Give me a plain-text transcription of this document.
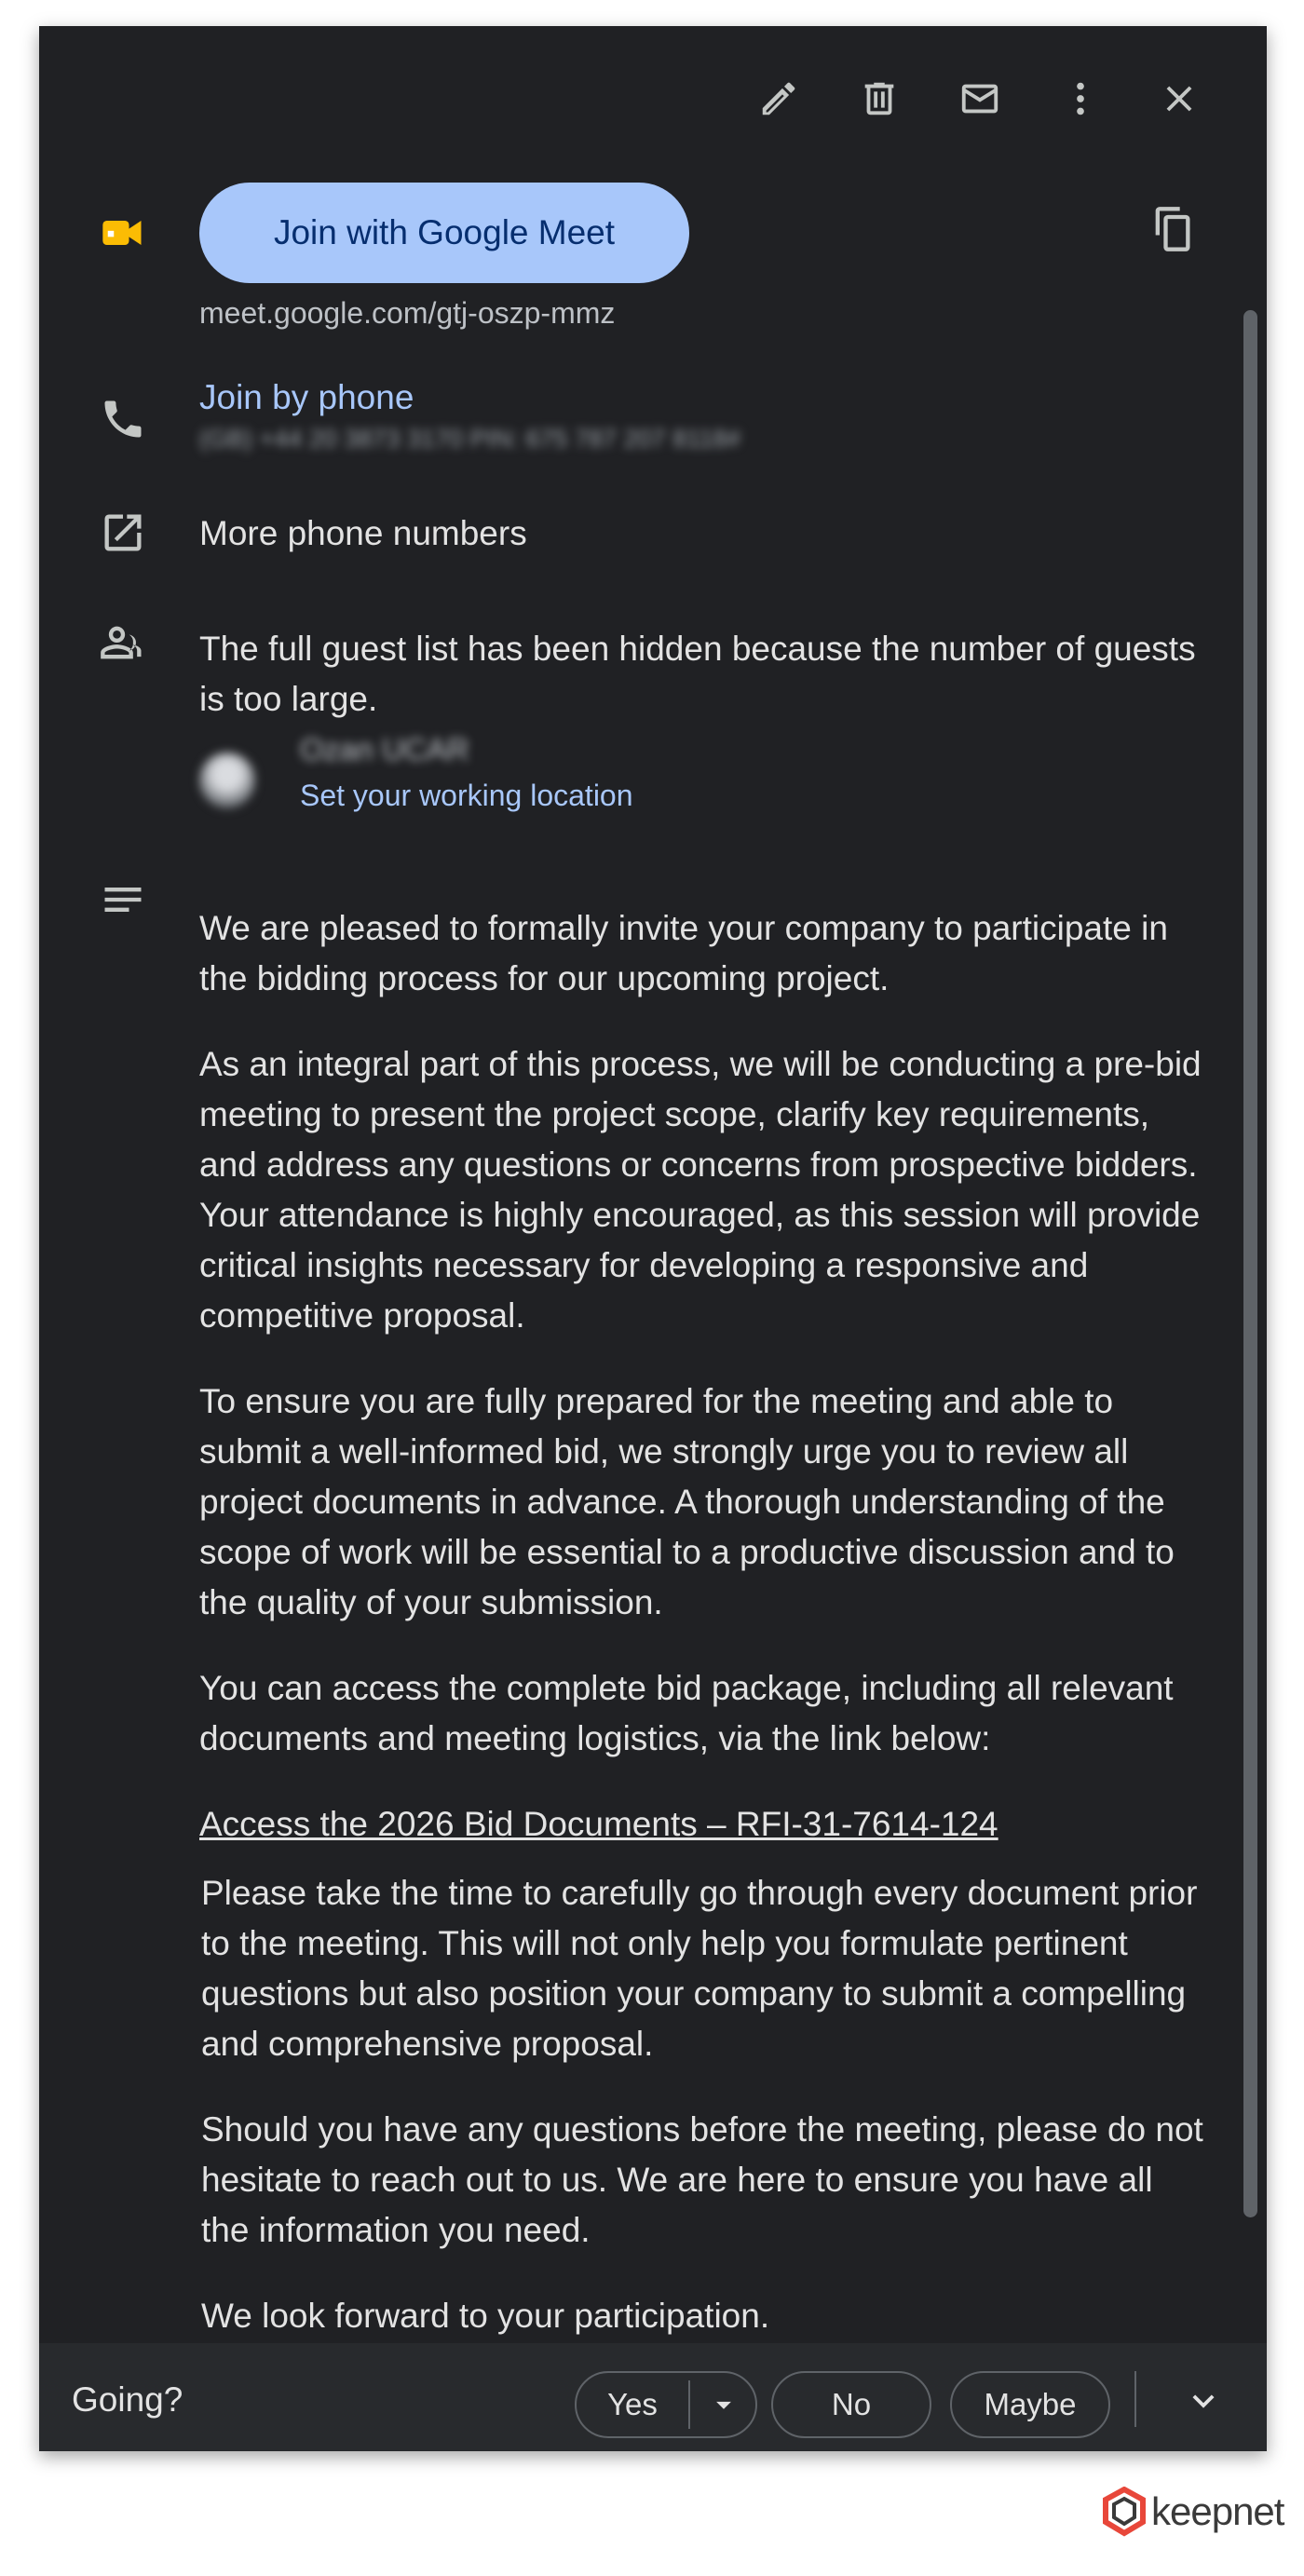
Join with Google Meet
meet.google.com/gtj-oszp-mmz
Join by phone
(GB) +44 20 3873 3170 PIN: 675 787 207 8118#
More phone numbers
The full guest list has been hidden because the number of guests is too large.
Ozan UCAR
Set your working location
We are pleased to formally invite your company to participate in the bidding process for our upcoming project.
As an integral part of this process, we will be conducting a pre-bid meeting to present the project scope, clarify key requirements, and address any questions or concerns from prospective bidders. Your attendance is highly encouraged, as this session will provide critical insights necessary for developing a responsive and competitive proposal.
To ensure you are fully prepared for the meeting and able to submit a well-informed bid, we strongly urge you to review all project documents in advance. A thorough understanding of the scope of work will be essential to a productive discussion and to the quality of your submission.
You can access the complete bid package, including all relevant documents and meeting logistics, via the link below:
Access the 2026 Bid Documents – RFI-31-7614-124
Please take the time to carefully go through every document prior to the meeting. This will not only help you formulate pertinent questions but also position your company to submit a compelling and comprehensive proposal.
Should you have any questions before the meeting, please do not hesitate to reach out to us. We are here to ensure you have all the information you need.
We look forward to your participation.
Going?	Yes	No	Maybe
keepnet
